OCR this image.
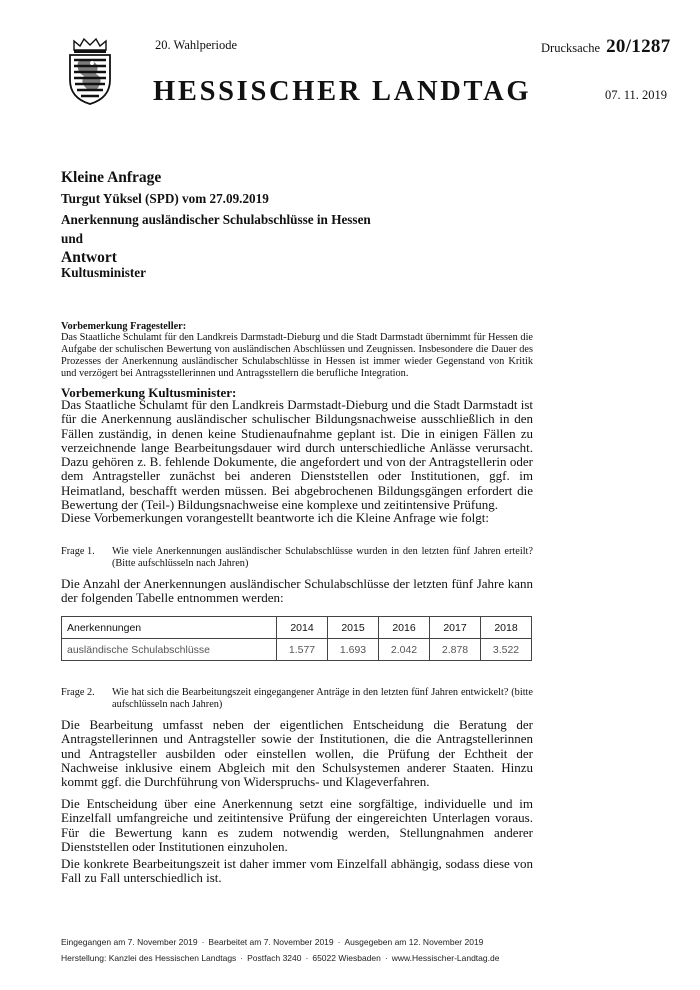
20. Wahlperiode	Drucksache 20/1287
HESSISCHER LANDTAG	07. 11. 2019
Kleine Anfrage
Turgut Yüksel (SPD) vom 27.09.2019
Anerkennung ausländischer Schulabschlüsse in Hessen
und
Antwort
Kultusminister
Vorbemerkung Fragesteller:
Das Staatliche Schulamt für den Landkreis Darmstadt-Dieburg und die Stadt Darmstadt übernimmt für Hessen die Aufgabe der schulischen Bewertung von ausländischen Abschlüssen und Zeugnissen. Insbesondere die Dauer des Prozesses der Anerkennung ausländischer Schulabschlüsse in Hessen ist immer wieder Gegenstand von Kritik und verzögert bei Antragsstellerinnen und Antragsstellern die berufliche Integration.
Vorbemerkung Kultusminister:
Das Staatliche Schulamt für den Landkreis Darmstadt-Dieburg und die Stadt Darmstadt ist für die Anerkennung ausländischer schulischer Bildungsnachweise ausschließlich in den Fällen zuständig, in denen keine Studienaufnahme geplant ist. Die in einigen Fällen zu verzeichnende lange Bearbeitungsdauer wird durch unterschiedliche Anlässe verursacht. Dazu gehören z. B. fehlende Dokumente, die angefordert und von der Antragstellerin oder dem Antragsteller zunächst bei anderen Dienststellen oder Institutionen, ggf. im Heimatland, beschafft werden müssen. Bei abgebrochenen Bildungsgängen erfordert die Bewertung der (Teil-) Bildungsnachweise eine komplexe und zeitintensive Prüfung.
Diese Vorbemerkungen vorangestellt beantworte ich die Kleine Anfrage wie folgt:
Frage 1. Wie viele Anerkennungen ausländischer Schulabschlüsse wurden in den letzten fünf Jahren erteilt? (Bitte aufschlüsseln nach Jahren)
Die Anzahl der Anerkennungen ausländischer Schulabschlüsse der letzten fünf Jahre kann der folgenden Tabelle entnommen werden:
Anerkennungen	2014	2015	2016	2017	2018
ausländische Schulabschlüsse	1.577	1.693	2.042	2.878	3.522
Frage 2. Wie hat sich die Bearbeitungszeit eingegangener Anträge in den letzten fünf Jahren entwickelt? (bitte aufschlüsseln nach Jahren)
Die Bearbeitung umfasst neben der eigentlichen Entscheidung die Beratung der Antragstellerinnen und Antragsteller sowie der Institutionen, die die Antragstellerinnen und Antragsteller ausbilden oder einstellen wollen, die Prüfung der Echtheit der Nachweise inklusive einem Abgleich mit den Schulsystemen anderer Staaten. Hinzu kommt ggf. die Durchführung von Widerspruchs- und Klageverfahren.
Die Entscheidung über eine Anerkennung setzt eine sorgfältige, individuelle und im Einzelfall umfangreiche und zeitintensive Prüfung der eingereichten Unterlagen voraus. Für die Bewertung kann es zudem notwendig werden, Stellungnahmen anderer Dienststellen oder Institutionen einzuholen.
Die konkrete Bearbeitungszeit ist daher immer vom Einzelfall abhängig, sodass diese von Fall zu Fall unterschiedlich ist.
Eingegangen am 7. November 2019 · Bearbeitet am 7. November 2019 · Ausgegeben am 12. November 2019
Herstellung: Kanzlei des Hessischen Landtags · Postfach 3240 · 65022 Wiesbaden · www.Hessischer-Landtag.de
